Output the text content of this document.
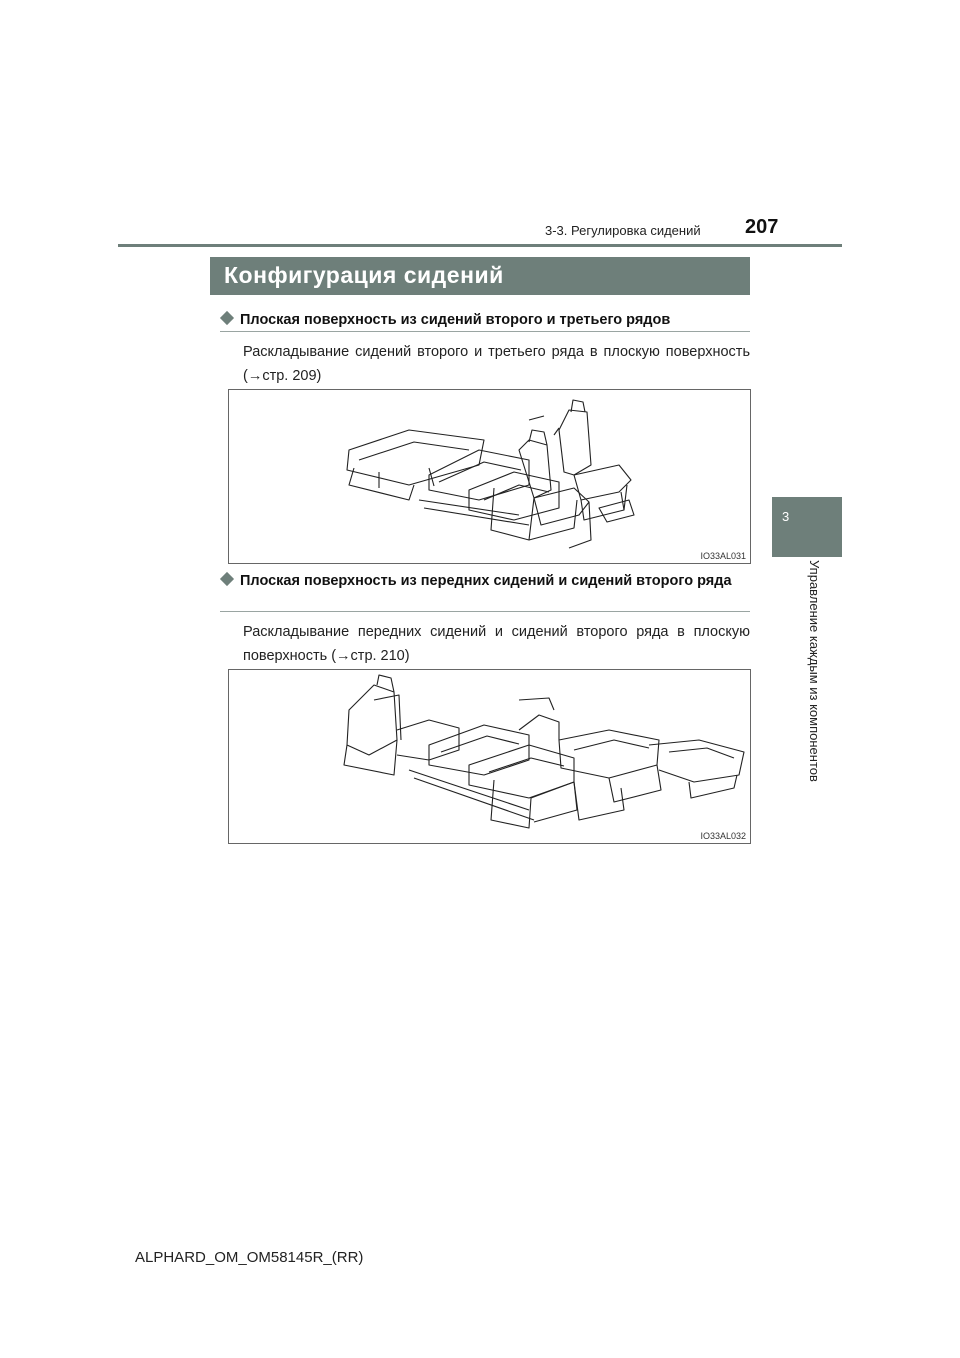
3-3. Регулировка сидений 207
3
Управление каждым из компонентов
Конфигурация сидений
Плоская поверхность из сидений второго и третьего рядов
Раскладывание сидений второго и третьего ряда в плоскую поверхность (→стр. 209)
IO33AL031
Плоская поверхность из передних сидений и сидений второго ряда
Раскладывание передних сидений и сидений второго ряда в плоскую поверхность (→стр. 210)
IO33AL032
ALPHARD_OM_OM58145R_(RR)
